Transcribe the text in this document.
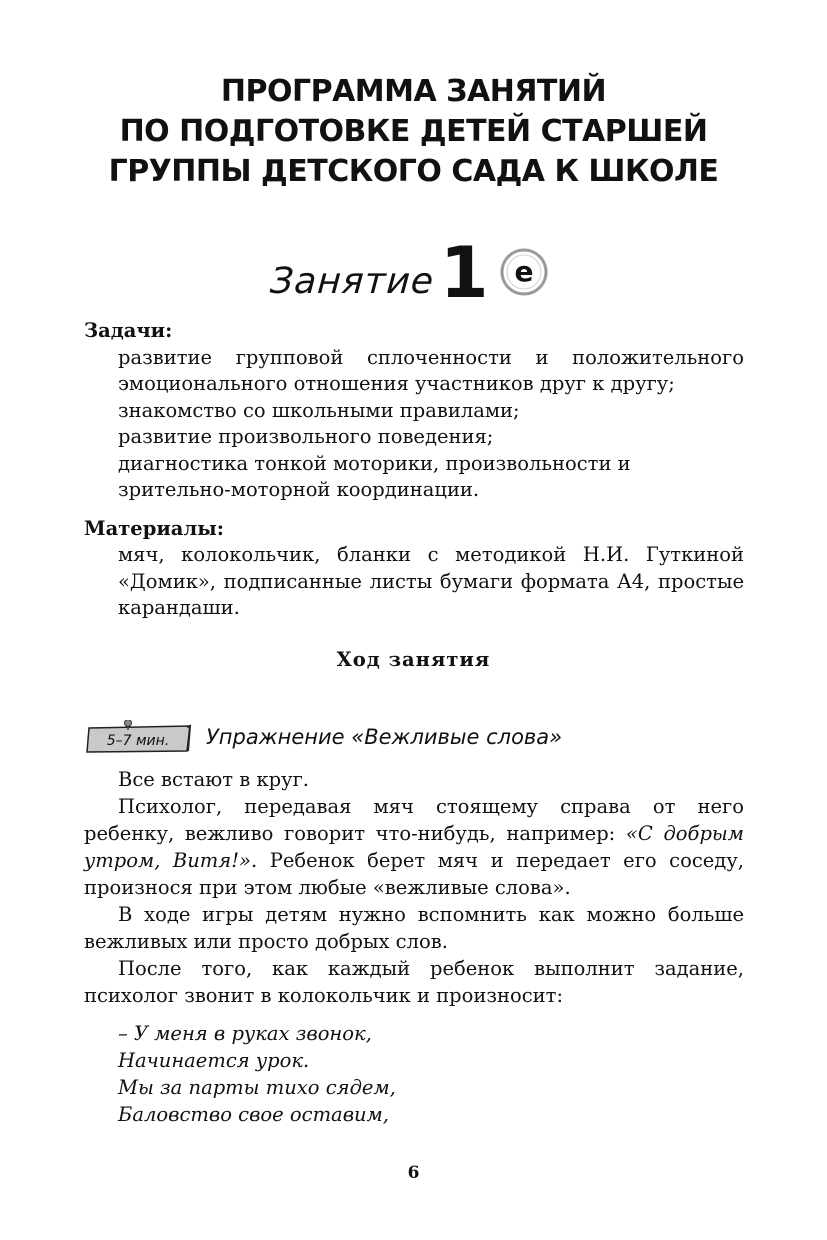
ПРОГРАММА ЗАНЯТИЙ
ПО ПОДГОТОВКЕ ДЕТЕЙ СТАРШЕЙ
ГРУППЫ ДЕТСКОГО САДА К ШКОЛЕ
Занятие 1 e

Задачи:

развитие групповой сплоченности и положительного эмоционального отношения участников друг к другу;
знакомство со школьными правилами;
развитие произвольного поведения;
диагностика тонкой моторики, произвольности и зрительно-моторной координации.

Материалы:

мяч, колокольчик, бланки с методикой Н.И. Гуткиной «Домик», подписанные листы бумаги формата А4, простые карандаши.

Ход занятия
5–7 мин. Упражнение «Вежливые слова»

Все встают в круг.

Психолог, передавая мяч стоящему справа от него ребенку, вежливо говорит что-нибудь, например: «С добрым утром, Витя!». Ребенок берет мяч и передает его соседу, произнося при этом любые «вежливые слова».

В ходе игры детям нужно вспомнить как можно больше вежливых или просто добрых слов.

После того, как каждый ребенок выполнит задание, психолог звонит в колокольчик и произносит:

– У меня в руках звонок,
Начинается урок.
Мы за парты тихо сядем,
Баловство свое оставим,
6
